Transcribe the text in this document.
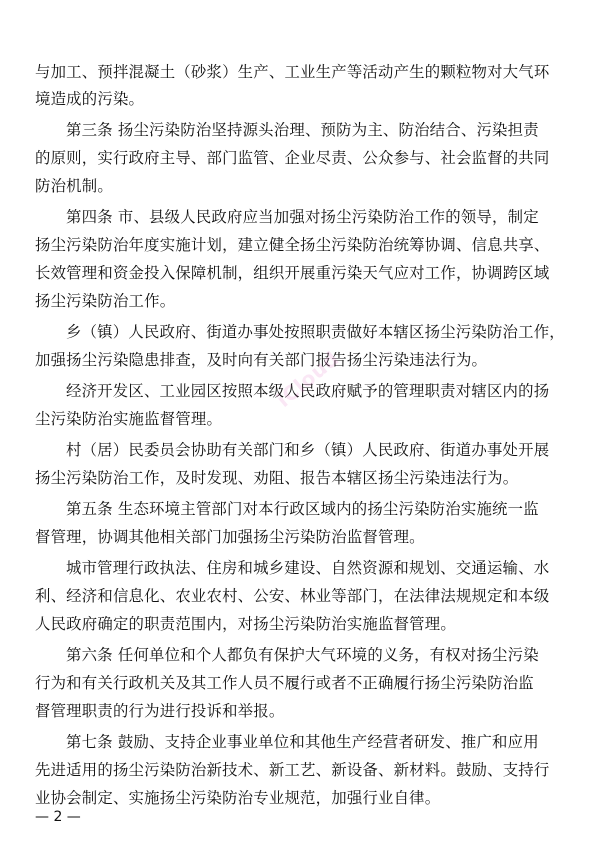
与加工、预拌混凝土（砂浆）生产、工业生产等活动产生的颗粒物对大气环
境造成的污染。
第三条 扬尘污染防治坚持源头治理、预防为主、防治结合、污染担责
的原则，实行政府主导、部门监管、企业尽责、公众参与、社会监督的共同
防治机制。
第四条 市、县级人民政府应当加强对扬尘污染防治工作的领导，制定
扬尘污染防治年度实施计划，建立健全扬尘污染防治统筹协调、信息共享、
长效管理和资金投入保障机制，组织开展重污染天气应对工作，协调跨区域
扬尘污染防治工作。
乡（镇）人民政府、街道办事处按照职责做好本辖区扬尘污染防治工作，
加强扬尘污染隐患排查，及时向有关部门报告扬尘污染违法行为。
经济开发区、工业园区按照本级人民政府赋予的管理职责对辖区内的扬
尘污染防治实施监督管理。
村（居）民委员会协助有关部门和乡（镇）人民政府、街道办事处开展
扬尘污染防治工作，及时发现、劝阻、报告本辖区扬尘污染违法行为。
第五条 生态环境主管部门对本行政区域内的扬尘污染防治实施统一监
督管理，协调其他相关部门加强扬尘污染防治监督管理。
城市管理行政执法、住房和城乡建设、自然资源和规划、交通运输、水
利、经济和信息化、农业农村、公安、林业等部门，在法律法规规定和本级
人民政府确定的职责范围内，对扬尘污染防治实施监督管理。
第六条 任何单位和个人都负有保护大气环境的义务，有权对扬尘污染
行为和有关行政机关及其工作人员不履行或者不正确履行扬尘污染防治监
督管理职责的行为进行投诉和举报。
第七条 鼓励、支持企业事业单位和其他生产经营者研发、推广和应用
先进适用的扬尘污染防治新技术、新工艺、新设备、新材料。鼓励、支持行
业协会制定、实施扬尘污染防治专业规范，加强行业自律。
iCloud
— 2 —
